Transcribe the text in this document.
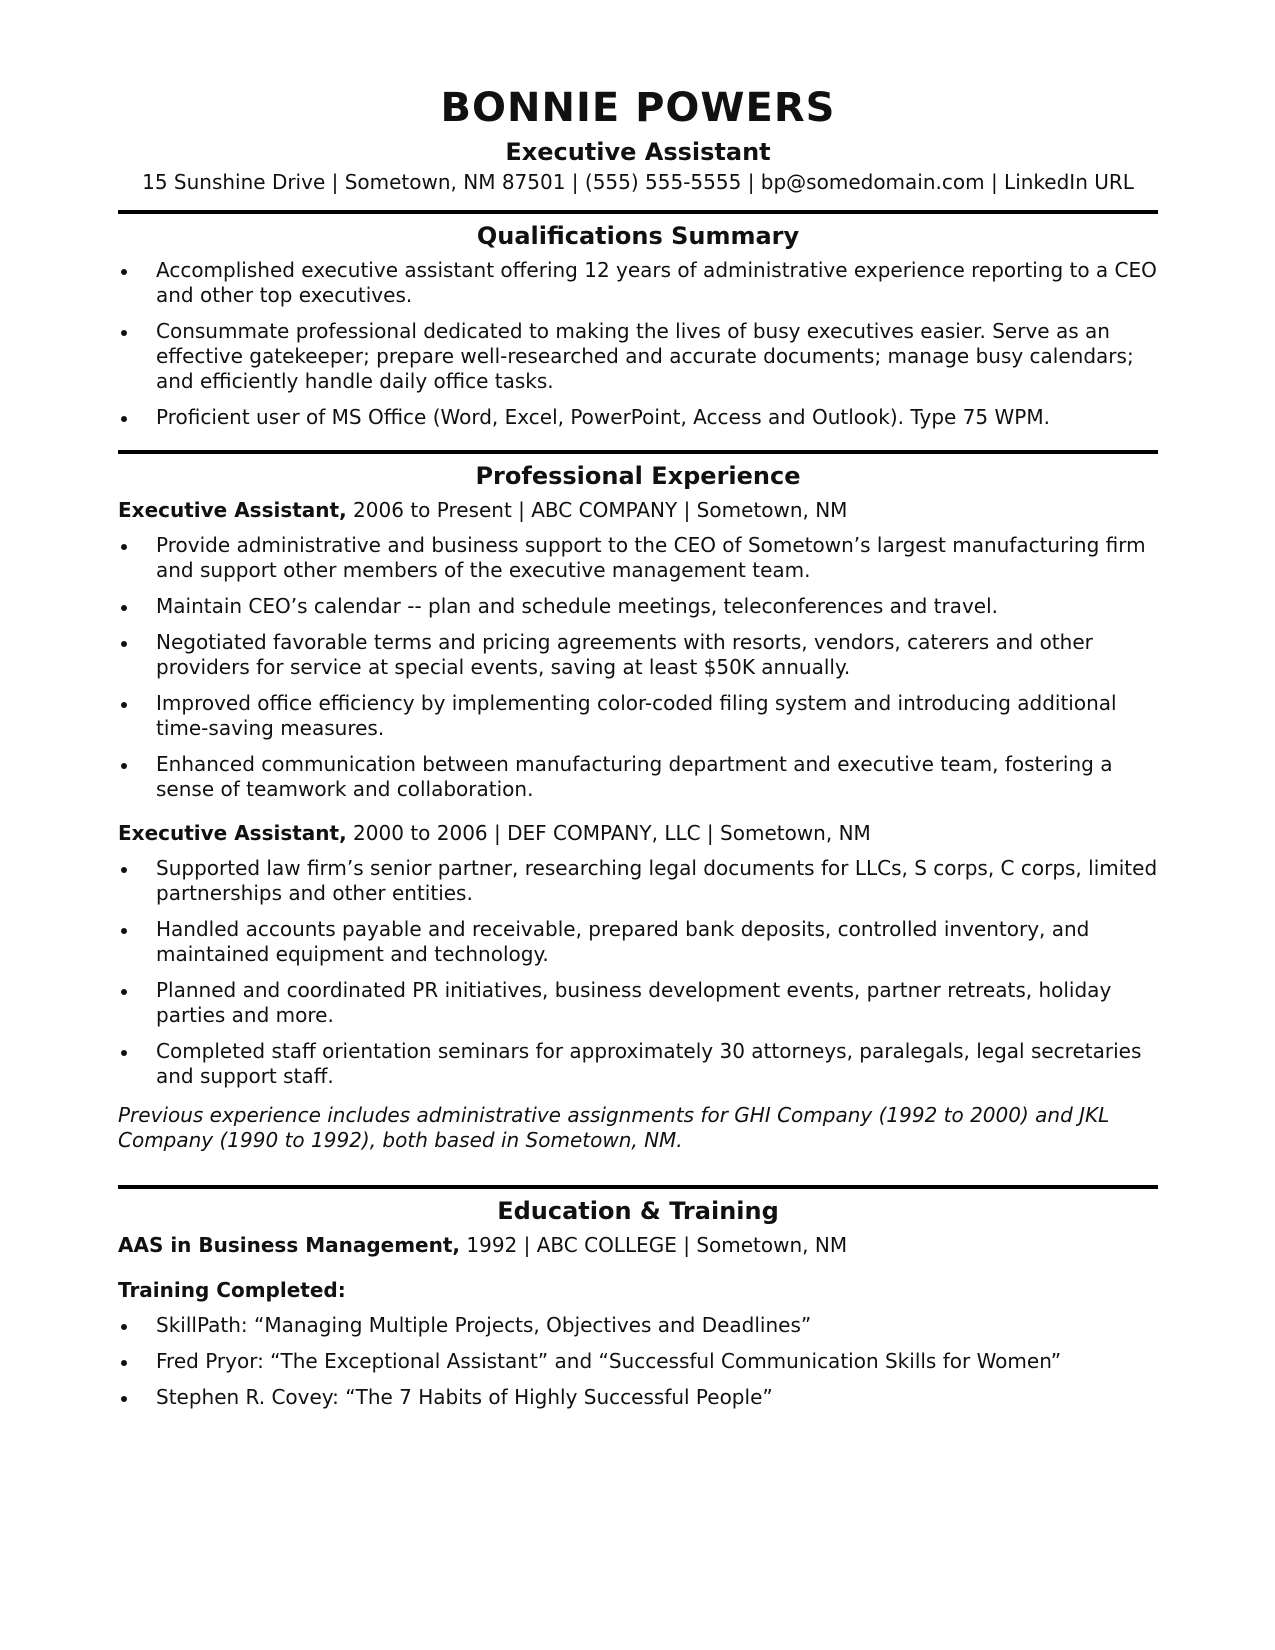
BONNIE POWERS
Executive Assistant
15 Sunshine Drive | Sometown, NM 87501 | (555) 555-5555 | bp@somedomain.com | LinkedIn URL
Qualifications Summary
Accomplished executive assistant offering 12 years of administrative experience reporting to a CEO and other top executives.
Consummate professional dedicated to making the lives of busy executives easier. Serve as an effective gatekeeper; prepare well-researched and accurate documents; manage busy calendars; and efficiently handle daily office tasks.
Proficient user of MS Office (Word, Excel, PowerPoint, Access and Outlook). Type 75 WPM.
Professional Experience
Executive Assistant, 2006 to Present | ABC COMPANY | Sometown, NM
Provide administrative and business support to the CEO of Sometown’s largest manufacturing firm and support other members of the executive management team.
Maintain CEO’s calendar -- plan and schedule meetings, teleconferences and travel.
Negotiated favorable terms and pricing agreements with resorts, vendors, caterers and other providers for service at special events, saving at least $50K annually.
Improved office efficiency by implementing color-coded filing system and introducing additional time-saving measures.
Enhanced communication between manufacturing department and executive team, fostering a sense of teamwork and collaboration.
Executive Assistant, 2000 to 2006 | DEF COMPANY, LLC | Sometown, NM
Supported law firm’s senior partner, researching legal documents for LLCs, S corps, C corps, limited partnerships and other entities.
Handled accounts payable and receivable, prepared bank deposits, controlled inventory, and maintained equipment and technology.
Planned and coordinated PR initiatives, business development events, partner retreats, holiday parties and more.
Completed staff orientation seminars for approximately 30 attorneys, paralegals, legal secretaries and support staff.
Previous experience includes administrative assignments for GHI Company (1992 to 2000) and JKL Company (1990 to 1992), both based in Sometown, NM.
Education & Training
AAS in Business Management, 1992 | ABC COLLEGE | Sometown, NM
Training Completed:
SkillPath: “Managing Multiple Projects, Objectives and Deadlines”
Fred Pryor: “The Exceptional Assistant” and “Successful Communication Skills for Women”
Stephen R. Covey: “The 7 Habits of Highly Successful People”
